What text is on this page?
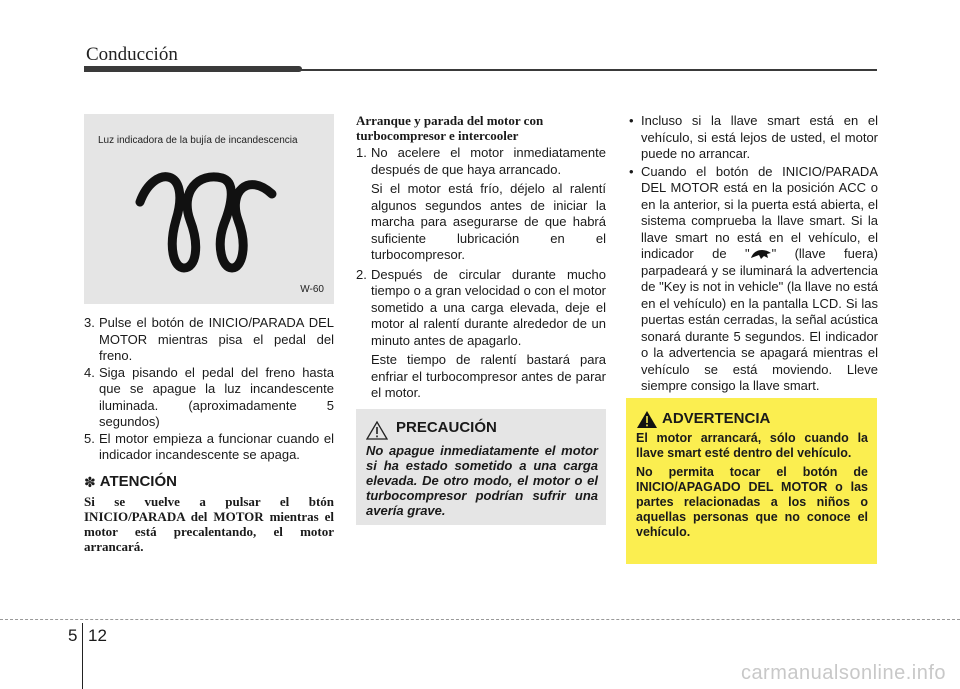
Conducción
Luz indicadora de la bujía de incandescencia
W-60
3. Pulse el botón de INICIO/PARADA DEL MOTOR mientras pisa el pedal del freno.
4. Siga pisando el pedal del freno hasta que se apague la luz incandescente iluminada. (aproximadamente 5 segundos)
5. El motor empieza a funcionar cuando el indicador incandescente se apaga.
✽ ATENCIÓN
Si se vuelve a pulsar el btón INICIO/PARADA del MOTOR mientras el motor está precalentando, el motor arrancará.
Arranque y parada del motor con turbocompresor e intercooler
1. No acelere el motor inmediatamente después de que haya arrancado.
Si el motor está frío, déjelo al ralentí algunos segundos antes de iniciar la marcha para asegurarse de que habrá suficiente lubricación en el turbocompresor.
2. Después de circular durante mucho tiempo o a gran velocidad o con el motor sometido a una carga elevada, deje el motor al ralentí durante alrededor de un minuto antes de apagarlo.
Este tiempo de ralentí bastará para enfriar el turbocompresor antes de parar el motor.
PRECAUCIÓN
No apague inmediatamente el motor si ha estado sometido a una carga elevada. De otro modo, el motor o el turbocompresor podrían sufrir una avería grave.
• Incluso si la llave smart está en el vehículo, si está lejos de usted, el motor puede no arrancar.
• Cuando el botón de INICIO/PARADA DEL MOTOR está en la posición ACC o en la anterior, si la puerta está abierta, el sistema comprueba la llave smart. Si la llave smart no está en el vehículo, el indicador de " " (llave fuera) parpadeará y se iluminará la advertencia de "Key is not in vehicle" (la llave no está en el vehículo) en la pantalla LCD. Si las puertas están cerradas, la señal acústica sonará durante 5 segundos. El indicador o la advertencia se apagará mientras el vehículo se está moviendo. Lleve siempre consigo la llave smart.
ADVERTENCIA

El motor arrancará, sólo cuando la llave smart esté dentro del vehículo.

No permita tocar el botón de INICIO/APAGADO DEL MOTOR o las partes relacionadas a los niños o aquellas personas que no conoce el vehículo.

5 12
carmanualsonline.info
